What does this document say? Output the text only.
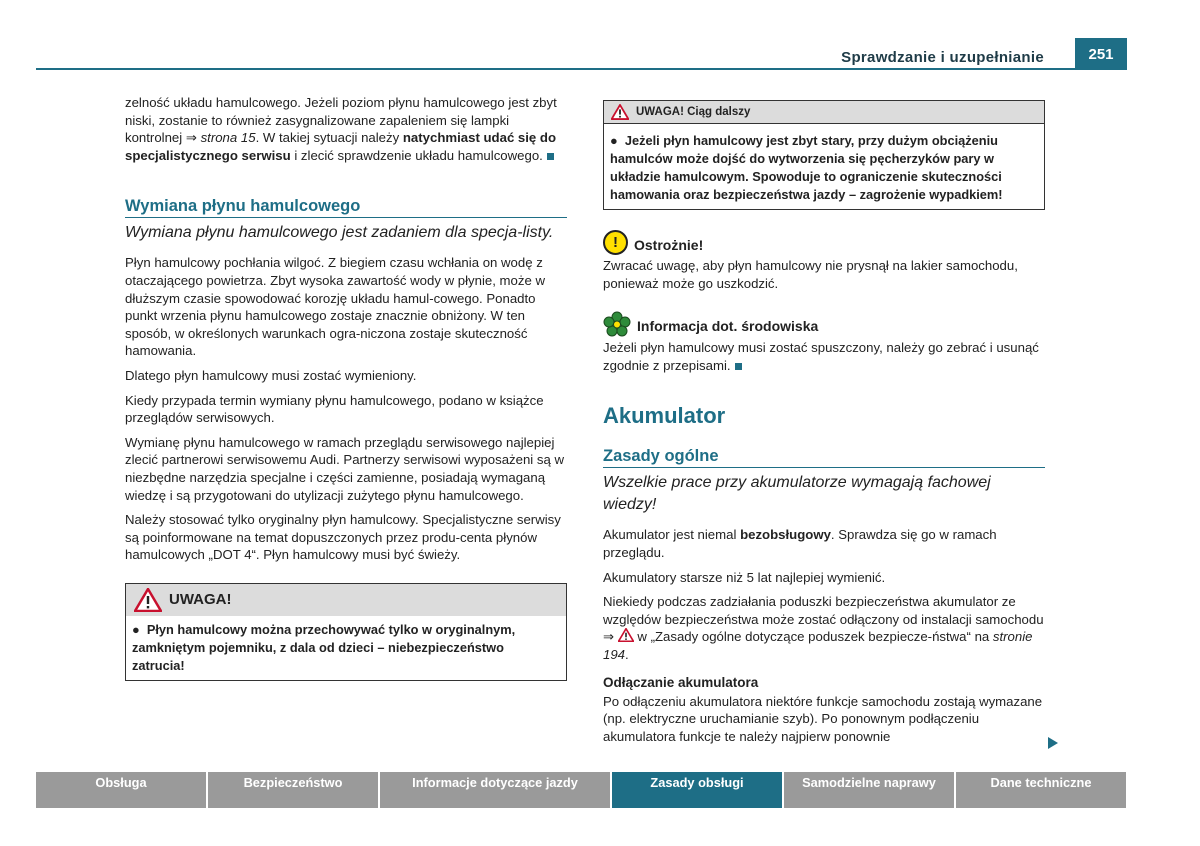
Sprawdzanie i uzupełnianie	251

zelność układu hamulcowego. Jeżeli poziom płynu hamulcowego jest zbyt niski, zostanie to również zasygnalizowane zapaleniem się lampki kontrolnej ⇒ strona 15. W takiej sytuacji należy natychmiast udać się do specjalistycznego serwisu i zlecić sprawdzenie układu hamulcowego.

Wymiana płynu hamulcowego
Wymiana płynu hamulcowego jest zadaniem dla specja-listy.

Płyn hamulcowy pochłania wilgoć. Z biegiem czasu wchłania on wodę z otaczającego powietrza. Zbyt wysoka zawartość wody w płynie, może w dłuższym czasie spowodować korozję układu hamul-cowego. Ponadto punkt wrzenia płynu hamulcowego zostaje znacznie obniżony. W ten sposób, w określonych warunkach ogra-niczona zostaje skuteczność hamowania.

Dlatego płyn hamulcowy musi zostać wymieniony.

Kiedy przypada termin wymiany płynu hamulcowego, podano w książce przeglądów serwisowych.

Wymianę płynu hamulcowego w ramach przeglądu serwisowego najlepiej zlecić partnerowi serwisowemu Audi. Partnerzy serwisowi wyposażeni są w niezbędne narzędzia specjalne i części zamienne, posiadają wymaganą wiedzę i są przygotowani do utylizacji zużytego płynu hamulcowego.

Należy stosować tylko oryginalny płyn hamulcowy. Specjalistyczne serwisy są poinformowane na temat dopuszczonych przez produ-centa płynów hamulcowych „DOT 4“. Płyn hamulcowy musi być świeży.

UWAGA!
●  Płyn hamulcowy można przechowywać tylko w oryginalnym, zamkniętym pojemniku, z dala od dzieci – niebezpieczeństwo zatrucia!
UWAGA! Ciąg dalszy
●  Jeżeli płyn hamulcowy jest zbyt stary, przy dużym obciążeniu hamulców może dojść do wytworzenia się pęcherzyków pary w układzie hamulcowym. Spowoduje to ograniczenie skuteczności hamowania oraz bezpieczeństwa jazdy – zagrożenie wypadkiem!
!	Ostrożnie!

Zwracać uwagę, aby płyn hamulcowy nie prysnął na lakier samochodu, ponieważ może go uszkodzić.

Informacja dot. środowiska

Jeżeli płyn hamulcowy musi zostać spuszczony, należy go zebrać i usunąć zgodnie z przepisami.

Akumulator
Zasady ogólne
Wszelkie prace przy akumulatorze wymagają fachowej wiedzy!

Akumulator jest niemal bezobsługowy. Sprawdza się go w ramach przeglądu.

Akumulatory starsze niż 5 lat najlepiej wymienić.

Niekiedy podczas zadziałania poduszki bezpieczeństwa akumulator ze względów bezpieczeństwa może zostać odłączony od instalacji samochodu ⇒  w „Zasady ogólne dotyczące poduszek bezpiecze-ństwa“ na stronie 194.

Odłączanie akumulatora

Po odłączeniu akumulatora niektóre funkcje samochodu zostają wymazane (np. elektryczne uruchamianie szyb). Po ponownym podłączeniu akumulatora funkcje te należy najpierw ponownie

Obsługa	Bezpieczeństwo	Informacje dotyczące jazdy	Zasady obsługi	Samodzielne naprawy	Dane techniczne
